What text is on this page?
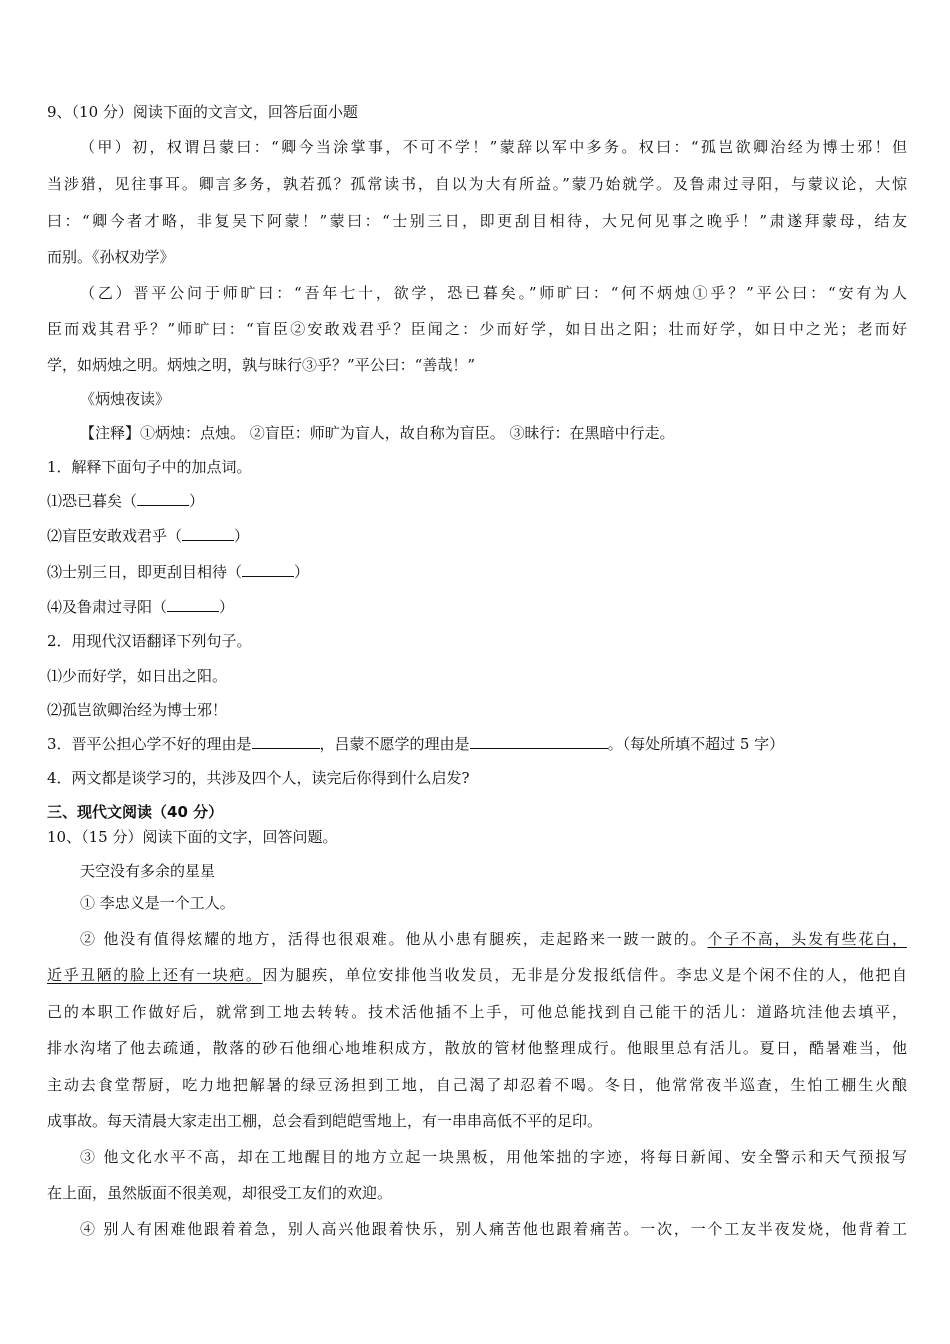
9、（10 分）阅读下面的文言文，回答后面小题
（甲）初，权谓吕蒙曰：“卿今当涂掌事，不可不学！”蒙辞以军中多务。权曰：“孤岂欲卿治经为博士邪！但
当涉猎，见往事耳。卿言多务，孰若孤？孤常读书，自以为大有所益。”蒙乃始就学。及鲁肃过寻阳，与蒙议论，大惊
曰：“卿今者才略，非复吴下阿蒙！”蒙曰：“士别三日，即更刮目相待，大兄何见事之晚乎！”肃遂拜蒙母，结友
而别。《孙权劝学》
（乙）晋平公问于师旷曰：“吾年七十，欲学，恐已暮矣。”师旷曰：“何不炳烛①乎？”平公曰：“安有为人
臣而戏其君乎？”师旷曰：“盲臣②安敢戏君乎？臣闻之：少而好学，如日出之阳；壮而好学，如日中之光；老而好
学，如炳烛之明。炳烛之明，孰与昧行③乎？”平公曰：“善哉！”
《炳烛夜读》
【注释】①炳烛：点烛。 ②盲臣：师旷为盲人，故自称为盲臣。 ③昧行：在黑暗中行走。
1．解释下面句子中的加点词。
⑴恐已暮矣（	）
⑵盲臣安敢戏君乎（	）
⑶士别三日，即更刮目相待（	）
⑷及鲁肃过寻阳（	）
2．用现代汉语翻译下列句子。
⑴少而好学，如日出之阳。
⑵孤岂欲卿治经为博士邪！
3．晋平公担心学不好的理由是	，吕蒙不愿学的理由是	。（每处所填不超过 5 字）
4．两文都是谈学习的，共涉及四个人，读完后你得到什么启发?
三、现代文阅读（40 分）
10、（15 分）阅读下面的文字，回答问题。
天空没有多余的星星
① 李忠义是一个工人。
② 他没有值得炫耀的地方，活得也很艰难。他从小患有腿疾，走起路来一跛一跛的。个子不高，头发有些花白，
近乎丑陋的脸上还有一块疤。因为腿疾，单位安排他当收发员，无非是分发报纸信件。李忠义是个闲不住的人，他把自
己的本职工作做好后，就常到工地去转转。技术活他插不上手，可他总能找到自己能干的活儿：道路坑洼他去填平，
排水沟堵了他去疏通，散落的砂石他细心地堆积成方，散放的管材他整理成行。他眼里总有活儿。夏日，酷暑难当，他
主动去食堂帮厨，吃力地把解暑的绿豆汤担到工地，自己渴了却忍着不喝。冬日，他常常夜半巡查，生怕工棚生火酿
成事故。每天清晨大家走出工棚，总会看到皑皑雪地上，有一串串高低不平的足印。
③ 他文化水平不高，却在工地醒目的地方立起一块黑板，用他笨拙的字迹，将每日新闻、安全警示和天气预报写
在上面，虽然版面不很美观，却很受工友们的欢迎。
④ 别人有困难他跟着着急，别人高兴他跟着快乐，别人痛苦他也跟着痛苦。一次，一个工友半夜发烧，他背着工
